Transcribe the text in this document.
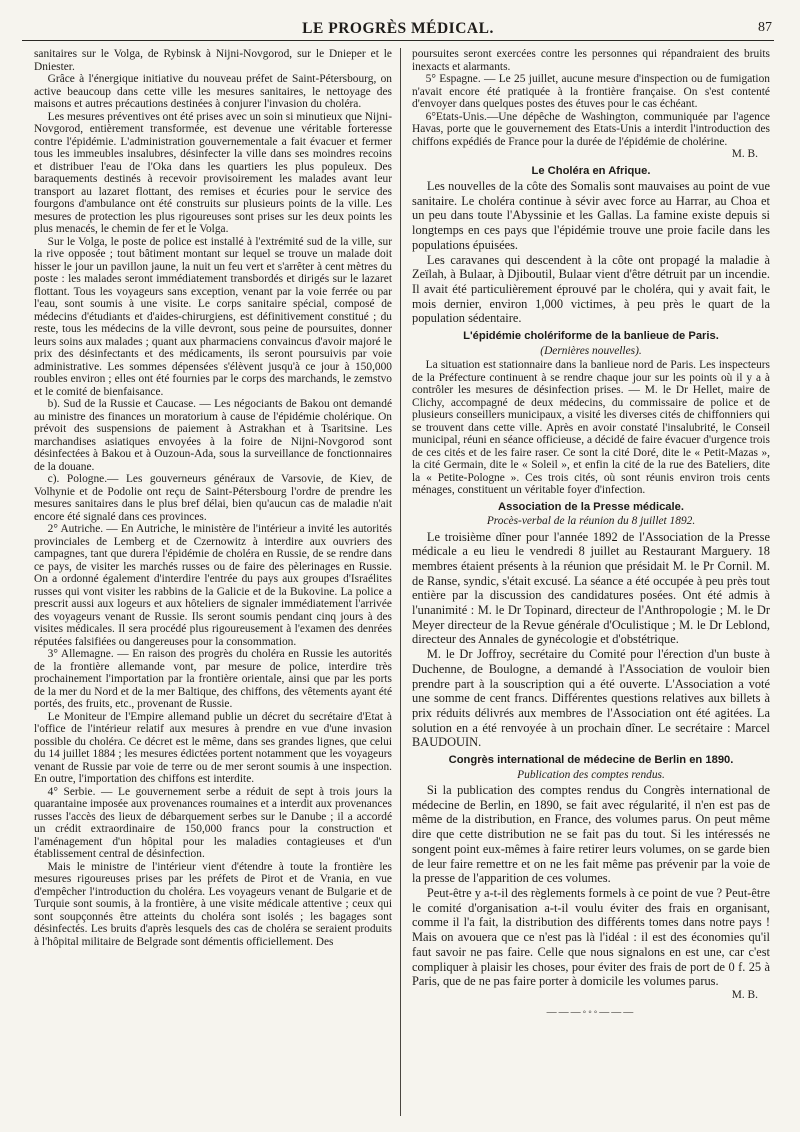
LE PROGRÈS MÉDICAL.	87

sanitaires sur le Volga, de Rybinsk à Nijni-Novgorod, sur le Dnieper et le Dniester.

Grâce à l'énergique initiative du nouveau préfet de Saint-Pétersbourg, on active beaucoup dans cette ville les mesures sanitaires, le nettoyage des maisons et autres précautions destinées à conjurer l'invasion du choléra.

Les mesures préventives ont été prises avec un soin si minutieux que Nijni-Novgorod, entièrement transformée, est devenue une véritable forteresse contre l'épidémie. L'administration gouvernementale a fait évacuer et fermer tous les immeubles insalubres, désinfecter la ville dans ses moindres recoins et distribuer l'eau de l'Oka dans les quartiers les plus populeux. Des baraquements destinés à recevoir provisoirement les malades avant leur transport au lazaret flottant, des remises et écuries pour le service des fourgons d'ambulance ont été construits sur plusieurs points de la ville. Les mesures de protection les plus rigoureuses sont prises sur les deux points les plus menacés, le chemin de fer et le Volga.

Sur le Volga, le poste de police est installé à l'extrémité sud de la ville, sur la rive opposée ; tout bâtiment montant sur lequel se trouve un malade doit hisser le jour un pavillon jaune, la nuit un feu vert et s'arrêter à cent mètres du poste : les malades seront immédiatement transbordés et dirigés sur le lazaret flottant. Tous les voyageurs sans exception, venant par la voie ferrée ou par l'eau, sont soumis à une visite. Le corps sanitaire spécial, composé de médecins d'étudiants et d'aides-chirurgiens, est définitivement constitué ; du reste, tous les médecins de la ville devront, sous peine de poursuites, donner leurs soins aux malades ; quant aux pharmaciens convaincus d'avoir majoré le prix des désinfectants et des médicaments, ils seront poursuivis par voie administrative. Les sommes dépensées s'élèvent jusqu'à ce jour à 150,000 roubles environ ; elles ont été fournies par le corps des marchands, le zemstvo et le comité de bienfaisance.

b). Sud de la Russie et Caucase. — Les négociants de Bakou ont demandé au ministre des finances un moratorium à cause de l'épidémie cholérique. On prévoit des suspensions de paiement à Astrakhan et à Tsaritsine. Les marchandises asiatiques envoyées à la foire de Nijni-Novgorod sont désinfectées à Bakou et à Ouzoun-Ada, sous la surveillance de fonctionnaires de la douane.

c). Pologne.— Les gouverneurs généraux de Varsovie, de Kiev, de Volhynie et de Podolie ont reçu de Saint-Pétersbourg l'ordre de prendre les mesures sanitaires dans le plus bref délai, bien qu'aucun cas de maladie n'ait encore été signalé dans ces provinces.

2° Autriche. — En Autriche, le ministère de l'intérieur a invité les autorités provinciales de Lemberg et de Czernowitz à interdire aux ouvriers des campagnes, tant que durera l'épidémie de choléra en Russie, de se rendre dans ce pays, de visiter les marchés russes ou de faire des pèlerinages en Russie. On a ordonné également d'interdire l'entrée du pays aux groupes d'Israélites russes qui vont visiter les rabbins de la Galicie et de la Bukovine. La police a prescrit aussi aux logeurs et aux hôteliers de signaler immédiatement l'arrivée des voyageurs venant de Russie. Ils seront soumis pendant cinq jours à des visites médicales. Il sera procédé plus rigoureusement à l'examen des denrées réputées falsifiées ou dangereuses pour la consommation.

3° Allemagne. — En raison des progrès du choléra en Russie les autorités de la frontière allemande vont, par mesure de police, interdire très prochainement l'importation par la frontière orientale, ainsi que par les ports de la mer du Nord et de la mer Baltique, des chiffons, des vêtements ayant été portés, des fruits, etc., provenant de Russie.

Le Moniteur de l'Empire allemand publie un décret du secrétaire d'Etat à l'office de l'intérieur relatif aux mesures à prendre en vue d'une invasion possible du choléra. Ce décret est le même, dans ses grandes lignes, que celui du 14 juillet 1884 ; les mesures édictées portent notamment que les voyageurs venant de Russie par voie de terre ou de mer seront soumis à une inspection. En outre, l'importation des chiffons est interdite.

4° Serbie. — Le gouvernement serbe a réduit de sept à trois jours la quarantaine imposée aux provenances roumaines et a interdit aux provenances russes l'accès des lieux de débarquement serbes sur le Danube ; il a accordé un crédit extraordinaire de 150,000 francs pour la construction et l'aménagement d'un hôpital pour les maladies contagieuses et d'un établissement central de désinfection.

Mais le ministre de l'intérieur vient d'étendre à toute la frontière les mesures rigoureuses prises par les préfets de Pirot et de Vrania, en vue d'empêcher l'introduction du choléra. Les voyageurs venant de Bulgarie et de Turquie sont soumis, à la frontière, à une visite médicale attentive ; ceux qui sont soupçonnés être atteints du choléra sont isolés ; les bagages sont désinfectés. Les bruits d'après lesquels des cas de choléra se seraient produits à l'hôpital militaire de Belgrade sont démentis officiellement. Des

poursuites seront exercées contre les personnes qui répandraient des bruits inexacts et alarmants.

5° Espagne. — Le 25 juillet, aucune mesure d'inspection ou de fumigation n'avait encore été pratiquée à la frontière française. On s'est contenté d'envoyer dans quelques postes des étuves pour le cas échéant.

6°Etats-Unis.—Une dépêche de Washington, communiquée par l'agence Havas, porte que le gouvernement des Etats-Unis a interdit l'introduction des chiffons expédiés de France pour la durée de l'épidémie de cholérine.

M. B.
Le Choléra en Afrique.

Les nouvelles de la côte des Somalis sont mauvaises au point de vue sanitaire. Le choléra continue à sévir avec force au Harrar, au Choa et un peu dans toute l'Abyssinie et les Gallas. La famine existe depuis si longtemps en ces pays que l'épidémie trouve une proie facile dans les populations épuisées.

Les caravanes qui descendent à la côte ont propagé la maladie à Zeïlah, à Bulaar, à Djiboutil, Bulaar vient d'être détruit par un incendie. Il avait été particulièrement éprouvé par le choléra, qui y avait fait, le mois dernier, environ 1,000 victimes, à peu près le quart de la population sédentaire.

L'épidémie cholériforme de la banlieue de Paris.
(Dernières nouvelles).

La situation est stationnaire dans la banlieue nord de Paris. Les inspecteurs de la Préfecture continuent à se rendre chaque jour sur les points où il y a à contrôler les mesures de désinfection prises. — M. le Dr Hellet, maire de Clichy, accompagné de deux médecins, du commissaire de police et de plusieurs conseillers municipaux, a visité les diverses cités de chiffonniers qui se trouvent dans cette ville. Après en avoir constaté l'insalubrité, le Conseil municipal, réuni en séance officieuse, a décidé de faire évacuer d'urgence trois de ces cités et de les faire raser. Ce sont la cité Doré, dite le « Petit-Mazas », la cité Germain, dite le « Soleil », et enfin la cité de la rue des Bateliers, dite la « Petite-Pologne ». Ces trois cités, où sont réunis environ trois cents ménages, constituent un véritable foyer d'infection.

Association de la Presse médicale.
Procès-verbal de la réunion du 8 juillet 1892.

Le troisième dîner pour l'année 1892 de l'Association de la Presse médicale a eu lieu le vendredi 8 juillet au Restaurant Marguery. 18 membres étaient présents à la réunion que présidait M. le Pr Cornil. M. de Ranse, syndic, s'était excusé. La séance a été occupée à peu près tout entière par la discussion des candidatures posées. Ont été admis à l'unanimité : M. le Dr Topinard, directeur de l'Anthropologie ; M. le Dr Meyer directeur de la Revue générale d'Oculistique ; M. le Dr Leblond, directeur des Annales de gynécologie et d'obstétrique.

M. le Dr Joffroy, secrétaire du Comité pour l'érection d'un buste à Duchenne, de Boulogne, a demandé à l'Association de vouloir bien prendre part à la souscription qui a été ouverte. L'Association a voté une somme de cent francs. Différentes questions relatives aux billets à prix réduits délivrés aux membres de l'Association ont été agitées. La solution en a été renvoyée à un prochain dîner. Le secrétaire : Marcel BAUDOUIN.

Congrès international de médecine de Berlin en 1890.
Publication des comptes rendus.

Si la publication des comptes rendus du Congrès international de médecine de Berlin, en 1890, se fait avec régularité, il n'en est pas de même de la distribution, en France, des volumes parus. On peut même dire que cette distribution ne se fait pas du tout. Si les intéressés ne songent point eux-mêmes à faire retirer leurs volumes, on se garde bien de leur faire remettre et on ne les fait même pas prévenir par la voie de la presse de l'apparition de ces volumes.

Peut-être y a-t-il des règlements formels à ce point de vue ? Peut-être le comité d'organisation a-t-il voulu éviter des frais en organisant, comme il l'a fait, la distribution des différents tomes dans notre pays ! Mais on avouera que ce n'est pas là l'idéal : il est des économies qu'il faut savoir ne pas faire. Celle que nous signalons en est une, car c'est compliquer à plaisir les choses, pour éviter des frais de port de 0 f. 25 à Paris, que de ne pas faire porter à domicile les volumes parus.

M. B.
———◦◦◦———
